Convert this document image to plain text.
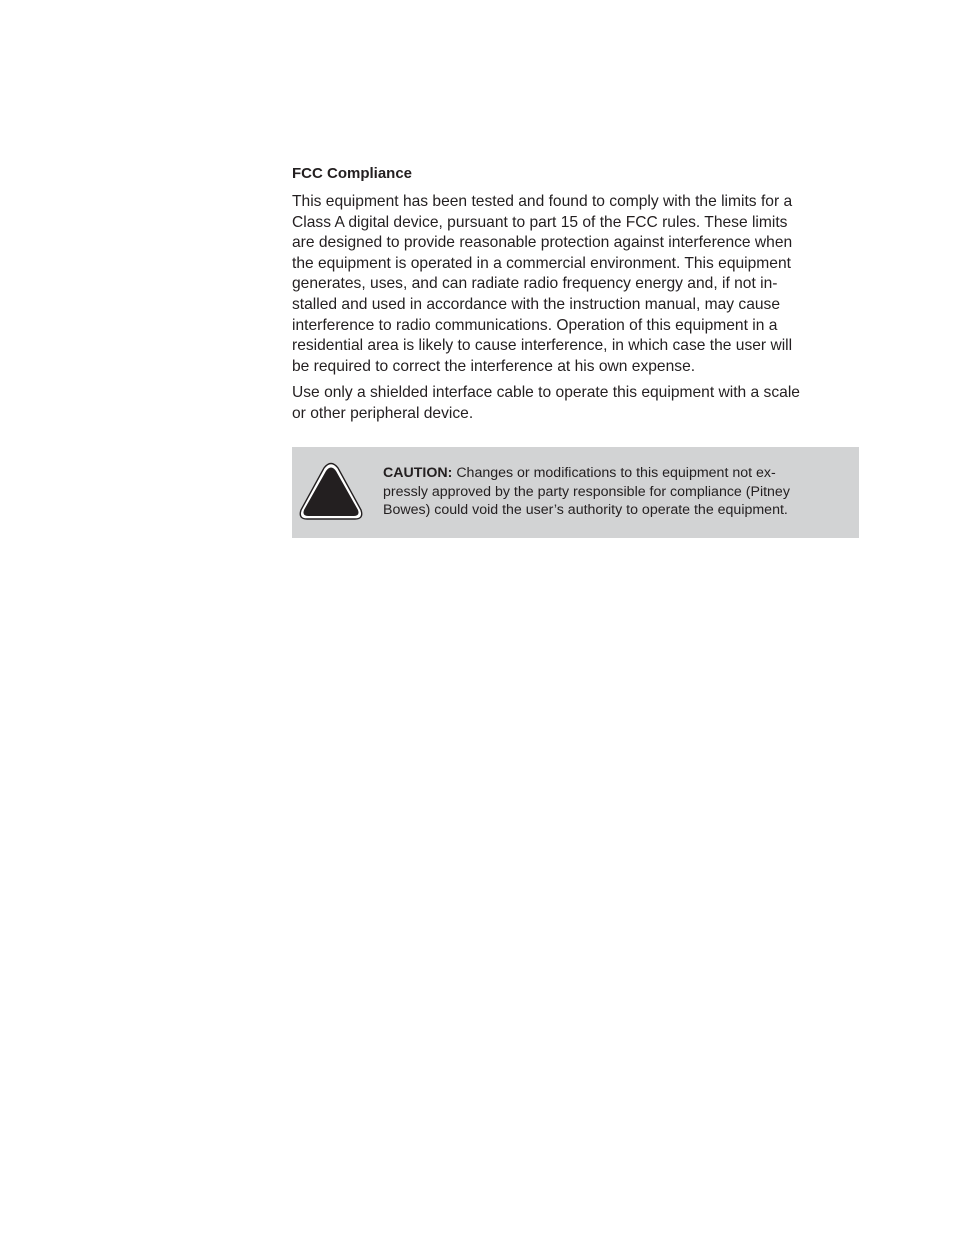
FCC Compliance
This equipment has been tested and found to comply with the limits for a
Class A digital device, pursuant to part 15 of the FCC rules. These limits
are designed to provide reasonable protection against interference when
the equipment is operated in a commercial environment. This equipment
generates, uses, and can radiate radio frequency energy and, if not in-
stalled and used in accordance with the instruction manual, may cause
interference to radio communications. Operation of this equipment in a
residential area is likely to cause interference, in which case the user will
be required to correct the interference at his own expense.
Use only a shielded interface cable to operate this equipment with a scale
or other peripheral device.
CAUTION: Changes or modifications to this equipment not ex-
pressly approved by the party responsible for compliance (Pitney
Bowes) could void the user’s authority to operate the equipment.
